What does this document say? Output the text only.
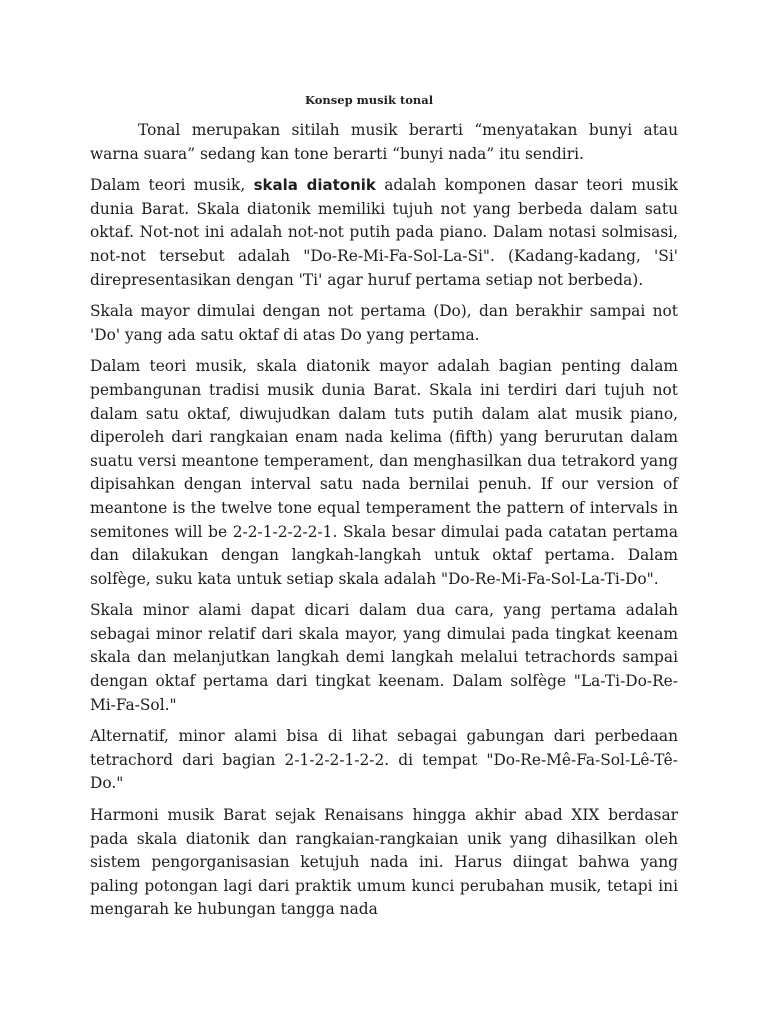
Konsep musik tonal

Tonal merupakan sitilah musik berarti “menyatakan bunyi atau warna suara” sedang kan tone berarti “bunyi nada” itu sendiri.

Dalam teori musik, skala diatonik adalah komponen dasar teori musik dunia Barat. Skala diatonik memiliki tujuh not yang berbeda dalam satu oktaf. Not-not ini adalah not-not putih pada piano. Dalam notasi solmisasi, not-not tersebut adalah "Do-Re-Mi-Fa-Sol-La-Si". (Kadang-kadang, 'Si' direpresentasikan dengan 'Ti' agar huruf pertama setiap not berbeda).

Skala mayor dimulai dengan not pertama (Do), dan berakhir sampai not 'Do' yang ada satu oktaf di atas Do yang pertama.

Dalam teori musik, skala diatonik mayor adalah bagian penting dalam pembangunan tradisi musik dunia Barat. Skala ini terdiri dari tujuh not dalam satu oktaf, diwujudkan dalam tuts putih dalam alat musik piano, diperoleh dari rangkaian enam nada kelima (fifth) yang berurutan dalam suatu versi meantone temperament, dan menghasilkan dua tetrakord yang dipisahkan dengan interval satu nada bernilai penuh. If our version of meantone is the twelve tone equal temperament the pattern of intervals in semitones will be 2-2-1-2-2-2-1. Skala besar dimulai pada catatan pertama dan dilakukan dengan langkah-langkah untuk oktaf pertama. Dalam solfège, suku kata untuk setiap skala adalah "Do-Re-Mi-Fa-Sol-La-Ti-Do".

Skala minor alami dapat dicari dalam dua cara, yang pertama adalah sebagai minor relatif dari skala mayor, yang dimulai pada tingkat keenam skala dan melanjutkan langkah demi langkah melalui tetrachords sampai dengan oktaf pertama dari tingkat keenam. Dalam solfège "La-Ti-Do-Re-Mi-Fa-Sol."

Alternatif, minor alami bisa di lihat sebagai gabungan dari perbedaan tetrachord dari bagian 2-1-2-2-1-2-2. di tempat "Do-Re-Mê-Fa-Sol-Lê-Tê-Do."

Harmoni musik Barat sejak Renaisans hingga akhir abad XIX berdasar pada skala diatonik dan rangkaian-rangkaian unik yang dihasilkan oleh sistem pengorganisasian ketujuh nada ini. Harus diingat bahwa yang paling potongan lagi dari praktik umum kunci perubahan musik, tetapi ini mengarah ke hubungan tangga nada
